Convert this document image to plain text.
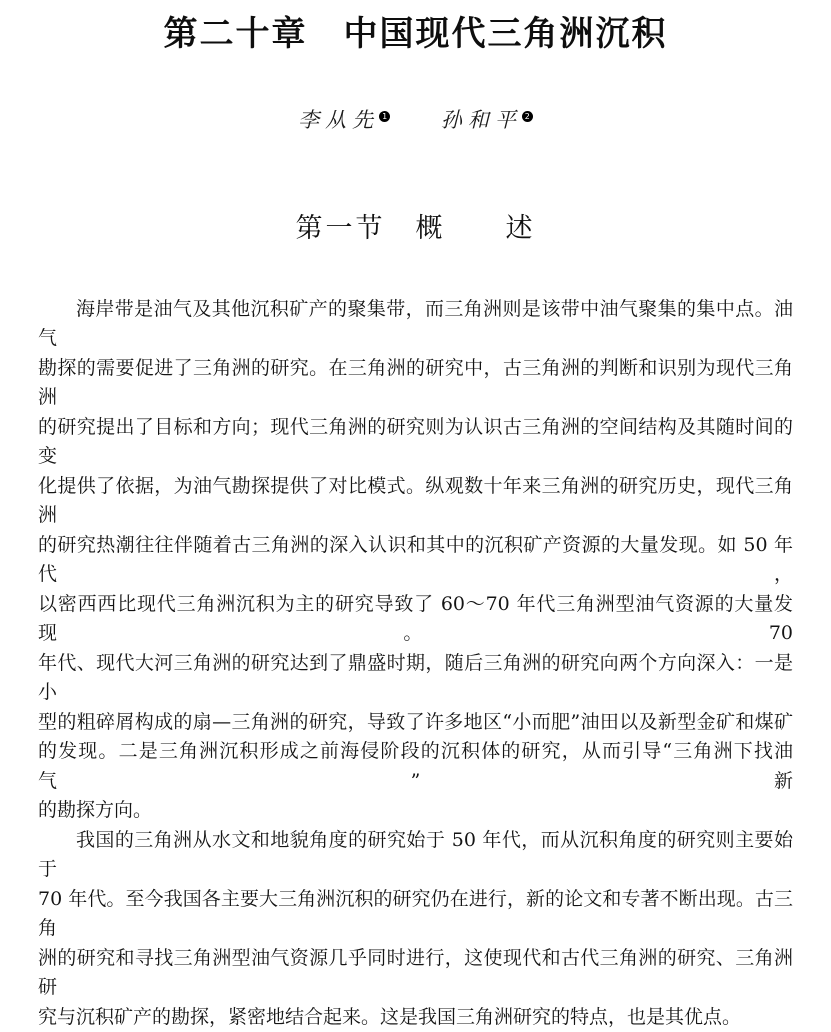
第二十章　中国现代三角洲沉积
李从先 1	孙和平 2
第一节　概　　述
海岸带是油气及其他沉积矿产的聚集带，而三角洲则是该带中油气聚集的集中点。油气
勘探的需要促进了三角洲的研究。在三角洲的研究中，古三角洲的判断和识别为现代三角洲
的研究提出了目标和方向；现代三角洲的研究则为认识古三角洲的空间结构及其随时间的变
化提供了依据，为油气勘探提供了对比模式。纵观数十年来三角洲的研究历史，现代三角洲
的研究热潮往往伴随着古三角洲的深入认识和其中的沉积矿产资源的大量发现。如 50 年代，
以密西西比现代三角洲沉积为主的研究导致了 60～70 年代三角洲型油气资源的大量发现。70
年代、现代大河三角洲的研究达到了鼎盛时期，随后三角洲的研究向两个方向深入：一是小
型的粗碎屑构成的扇—三角洲的研究，导致了许多地区“小而肥”油田以及新型金矿和煤矿
的发现。二是三角洲沉积形成之前海侵阶段的沉积体的研究，从而引导“三角洲下找油气”新
的勘探方向。
我国的三角洲从水文和地貌角度的研究始于 50 年代，而从沉积角度的研究则主要始于
70 年代。至今我国各主要大三角洲沉积的研究仍在进行，新的论文和专著不断出现。古三角
洲的研究和寻找三角洲型油气资源几乎同时进行，这使现代和古代三角洲的研究、三角洲研
究与沉积矿产的勘探，紧密地结合起来。这是我国三角洲研究的特点，也是其优点。
